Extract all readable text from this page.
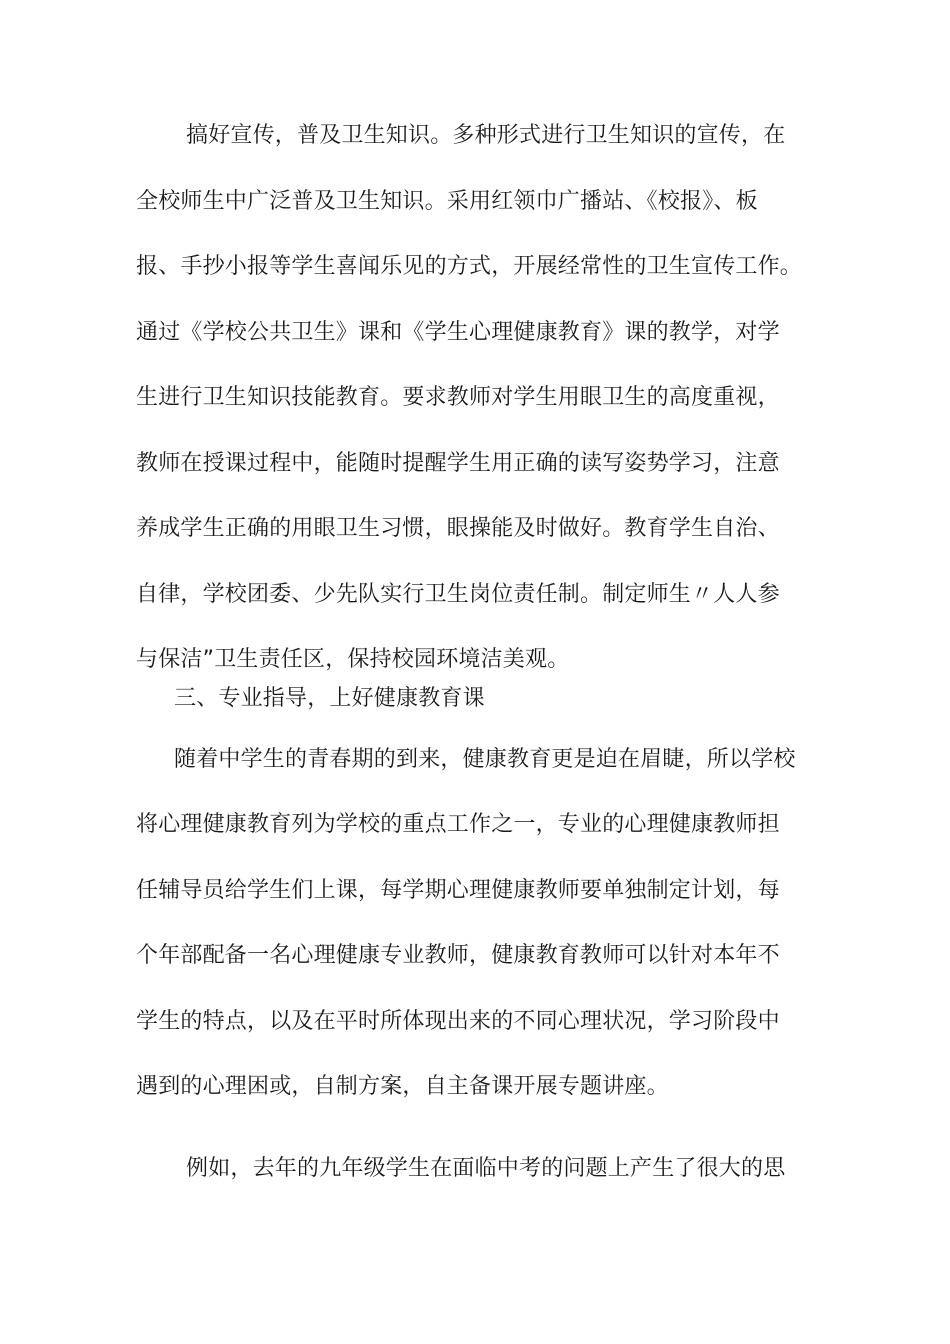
搞好宣传，普及卫生知识。多种形式进行卫生知识的宣传，在
全校师生中广泛普及卫生知识。采用红领巾广播站、《校报》、板
报、手抄小报等学生喜闻乐见的方式，开展经常性的卫生宣传工作。
通过《学校公共卫生》课和《学生心理健康教育》课的教学，对学
生进行卫生知识技能教育。要求教师对学生用眼卫生的高度重视，
教师在授课过程中，能随时提醒学生用正确的读写姿势学习，注意
养成学生正确的用眼卫生习惯，眼操能及时做好。教育学生自治、
自律，学校团委、少先队实行卫生岗位责任制。制定师生〃人人参
与保洁”卫生责任区，保持校园环境洁美观。
三、专业指导，上好健康教育课
随着中学生的青春期的到来，健康教育更是迫在眉睫，所以学校
将心理健康教育列为学校的重点工作之一，专业的心理健康教师担
任辅导员给学生们上课，每学期心理健康教师要单独制定计划，每
个年部配备一名心理健康专业教师，健康教育教师可以针对本年不
学生的特点，以及在平时所体现出来的不同心理状况，学习阶段中
遇到的心理困或，自制方案，自主备课开展专题讲座。
例如，去年的九年级学生在面临中考的问题上产生了很大的思
